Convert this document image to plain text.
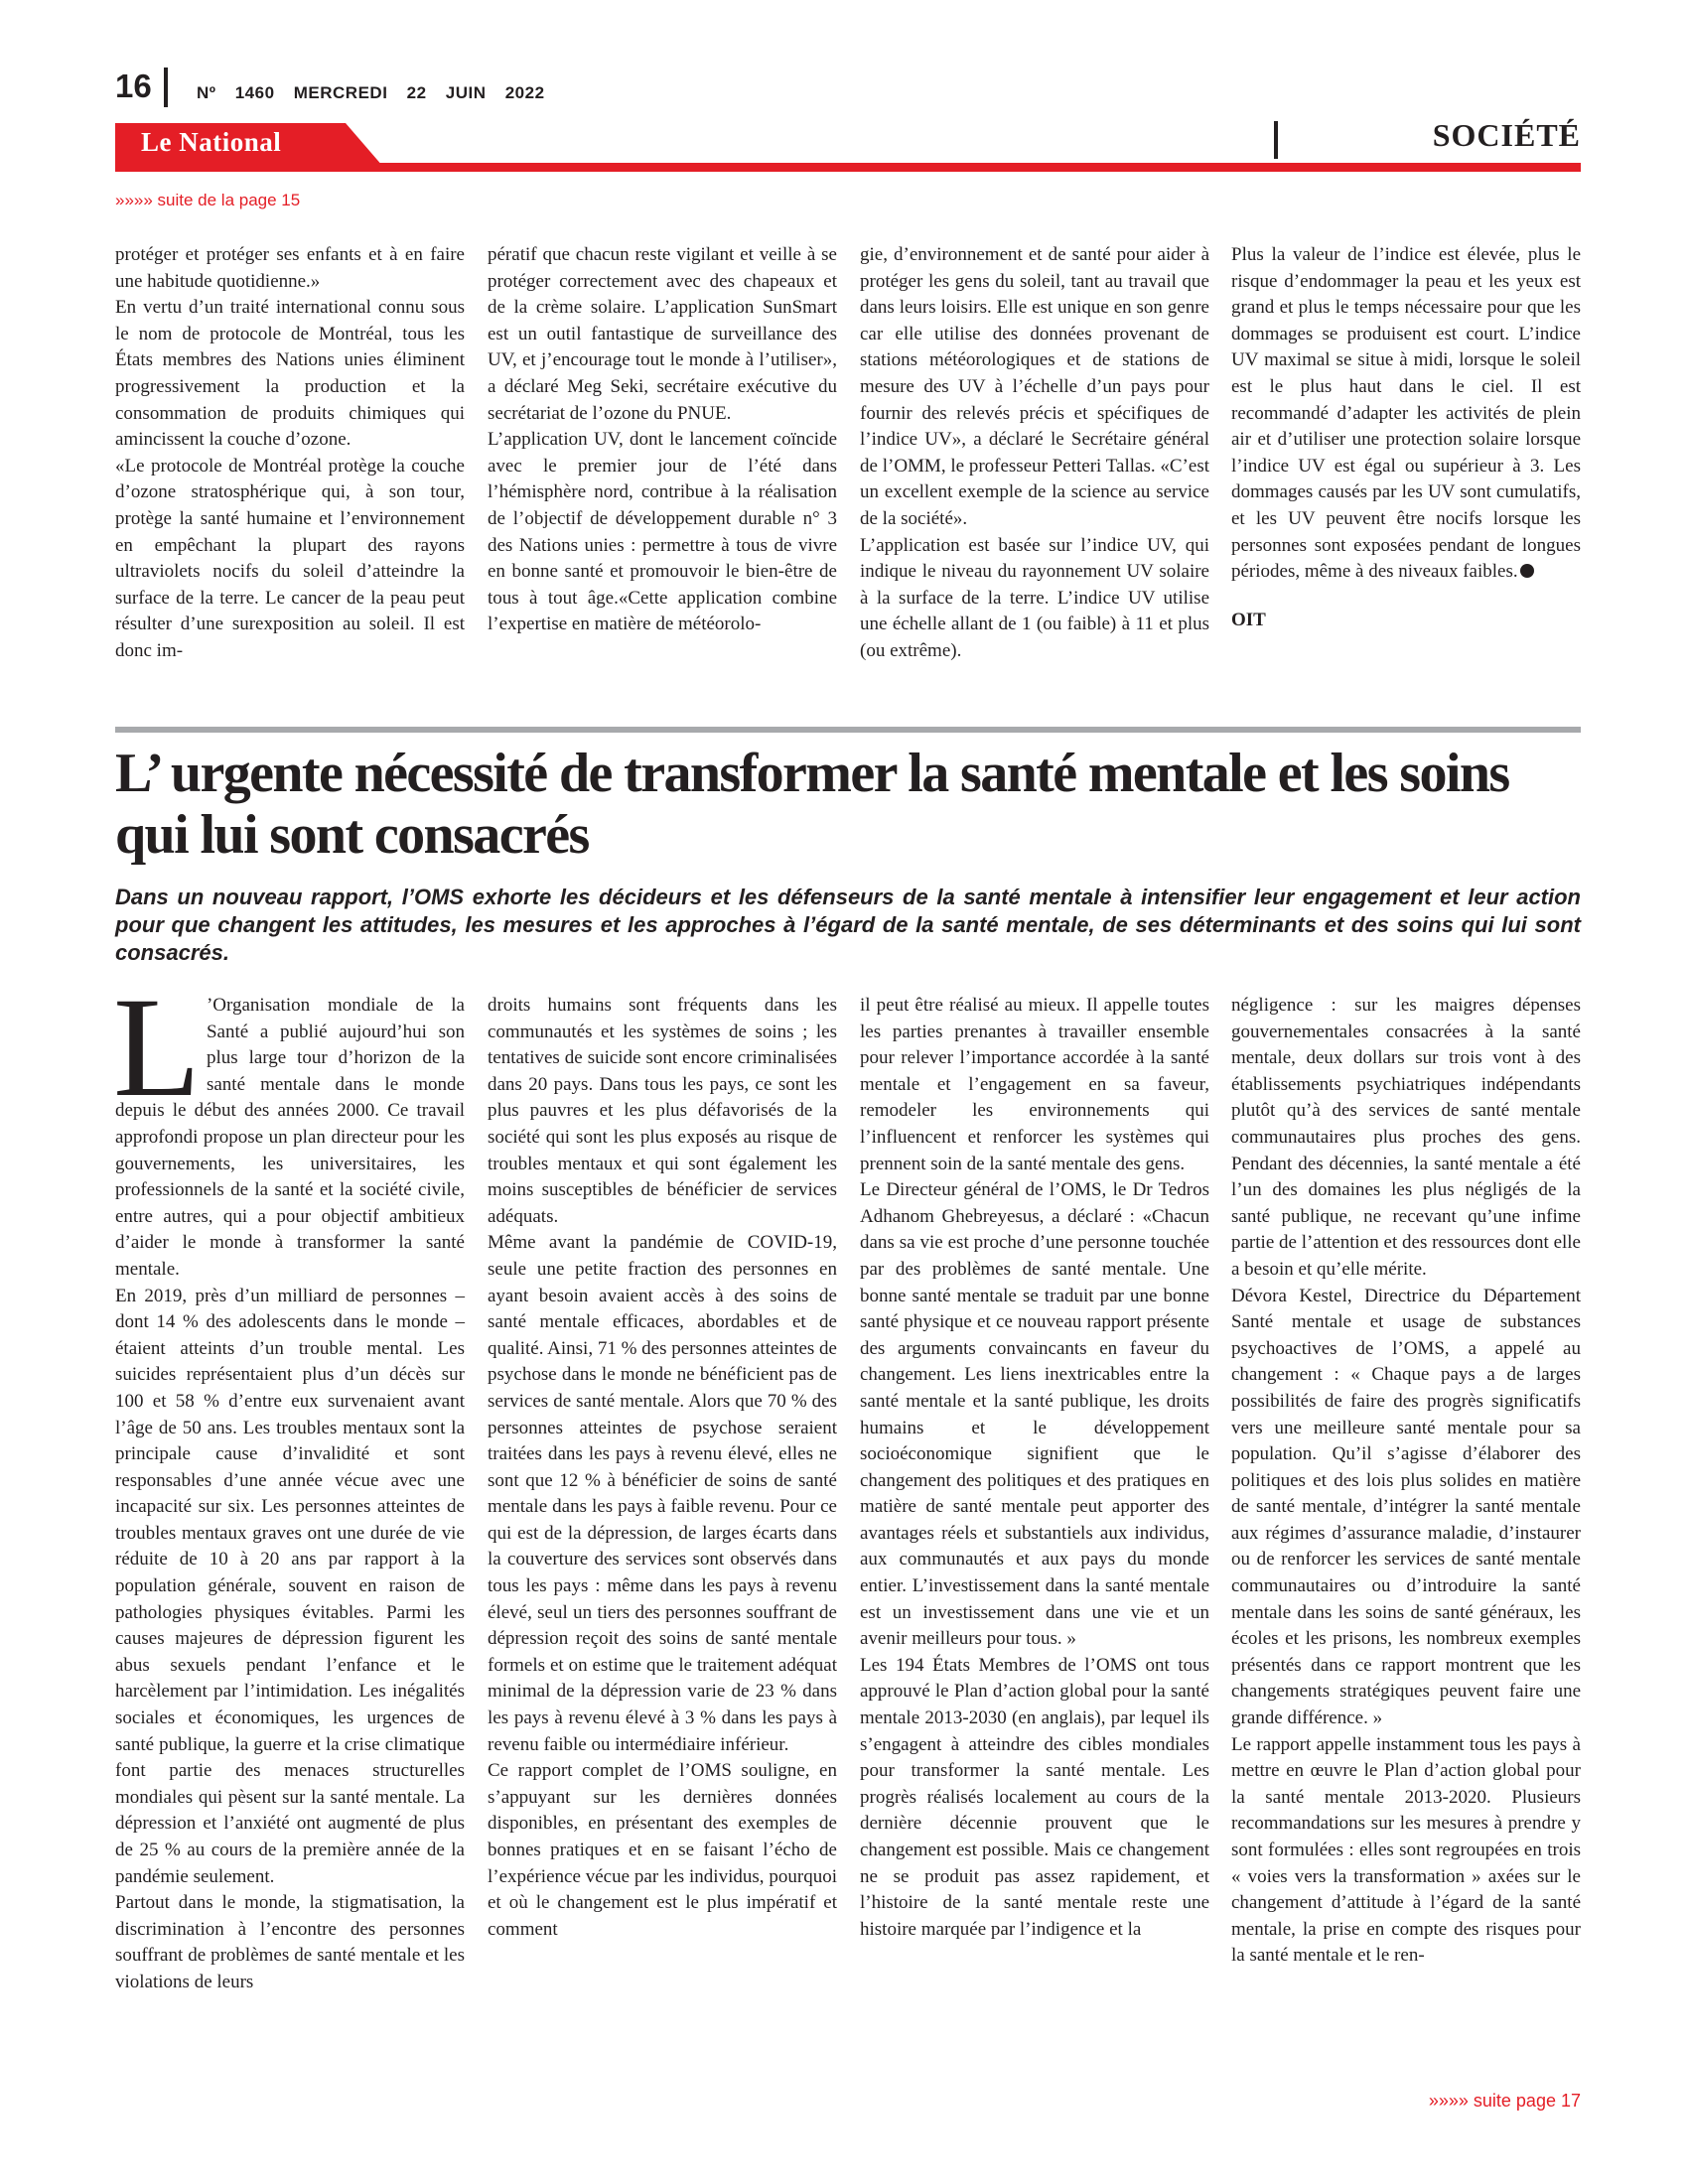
16	Nº 1460 MERCREDI 22 JUIN 2022
Le National	SOCIÉTÉ
»»»» suite de la page 15

protéger et protéger ses enfants et à en faire une habitude quotidienne.»

En vertu d’un traité international connu sous le nom de protocole de Montréal, tous les États membres des Nations unies éliminent progressivement la production et la consommation de produits chimiques qui amincissent la couche d’ozone.

«Le protocole de Montréal protège la couche d’ozone stratosphérique qui, à son tour, protège la santé humaine et l’environnement en empêchant la plupart des rayons ultraviolets nocifs du soleil d’atteindre la surface de la terre. Le cancer de la peau peut résulter d’une surexposition au soleil. Il est donc im-

pératif que chacun reste vigilant et veille à se protéger correctement avec des chapeaux et de la crème solaire. L’application SunSmart est un outil fantastique de surveillance des UV, et j’encourage tout le monde à l’utiliser», a déclaré Meg Seki, secrétaire exécutive du secrétariat de l’ozone du PNUE.

L’application UV, dont le lancement coïncide avec le premier jour de l’été dans l’hémisphère nord, contribue à la réalisation de l’objectif de développement durable n° 3 des Nations unies : permettre à tous de vivre en bonne santé et promouvoir le bien-être de tous à tout âge.«Cette application combine l’expertise en matière de météorolo-

gie, d’environnement et de santé pour aider à protéger les gens du soleil, tant au travail que dans leurs loisirs. Elle est unique en son genre car elle utilise des données provenant de stations météorologiques et de stations de mesure des UV à l’échelle d’un pays pour fournir des relevés précis et spécifiques de l’indice UV», a déclaré le Secrétaire général de l’OMM, le professeur Petteri Tallas. «C’est un excellent exemple de la science au service de la société».

L’application est basée sur l’indice UV, qui indique le niveau du rayonnement UV solaire à la surface de la terre. L’indice UV utilise une échelle allant de 1 (ou faible) à 11 et plus (ou extrême).

Plus la valeur de l’indice est élevée, plus le risque d’endommager la peau et les yeux est grand et plus le temps nécessaire pour que les dommages se produisent est court. L’indice UV maximal se situe à midi, lorsque le soleil est le plus haut dans le ciel. Il est recommandé d’adapter les activités de plein air et d’utiliser une protection solaire lorsque l’indice UV est égal ou supérieur à 3. Les dommages causés par les UV sont cumulatifs, et les UV peuvent être nocifs lorsque les personnes sont exposées pendant de longues périodes, même à des niveaux faibles.

OIT

L’ urgente nécessité de transformer la santé mentale et les soins qui lui sont consacrés
Dans un nouveau rapport, l’OMS exhorte les décideurs et les défenseurs de la santé mentale à intensifier leur engagement et leur action pour que changent les attitudes, les mesures et les approches à l’égard de la santé mentale, de ses déterminants et des soins qui lui sont consacrés.

L ’Organisation mondiale de la Santé a publié aujourd’hui son plus large tour d’horizon de la santé mentale dans le monde depuis le début des années 2000. Ce travail approfondi propose un plan directeur pour les gouvernements, les universitaires, les professionnels de la santé et la société civile, entre autres, qui a pour objectif ambitieux d’aider le monde à transformer la santé mentale.

En 2019, près d’un milliard de personnes – dont 14 % des adolescents dans le monde – étaient atteints d’un trouble mental. Les suicides représentaient plus d’un décès sur 100 et 58 % d’entre eux survenaient avant l’âge de 50 ans. Les troubles mentaux sont la principale cause d’invalidité et sont responsables d’une année vécue avec une incapacité sur six. Les personnes atteintes de troubles mentaux graves ont une durée de vie réduite de 10 à 20 ans par rapport à la population générale, souvent en raison de pathologies physiques évitables. Parmi les causes majeures de dépression figurent les abus sexuels pendant l’enfance et le harcèlement par l’intimidation. Les inégalités sociales et économiques, les urgences de santé publique, la guerre et la crise climatique font partie des menaces structurelles mondiales qui pèsent sur la santé mentale. La dépression et l’anxiété ont augmenté de plus de 25 % au cours de la première année de la pandémie seulement.

Partout dans le monde, la stigmatisation, la discrimination à l’encontre des personnes souffrant de problèmes de santé mentale et les violations de leurs

droits humains sont fréquents dans les communautés et les systèmes de soins ; les tentatives de suicide sont encore criminalisées dans 20 pays. Dans tous les pays, ce sont les plus pauvres et les plus défavorisés de la société qui sont les plus exposés au risque de troubles mentaux et qui sont également les moins susceptibles de bénéficier de services adéquats.

Même avant la pandémie de COVID-19, seule une petite fraction des personnes en ayant besoin avaient accès à des soins de santé mentale efficaces, abordables et de qualité. Ainsi, 71 % des personnes atteintes de psychose dans le monde ne bénéficient pas de services de santé mentale. Alors que 70 % des personnes atteintes de psychose seraient traitées dans les pays à revenu élevé, elles ne sont que 12 % à bénéficier de soins de santé mentale dans les pays à faible revenu. Pour ce qui est de la dépression, de larges écarts dans la couverture des services sont observés dans tous les pays : même dans les pays à revenu élevé, seul un tiers des personnes souffrant de dépression reçoit des soins de santé mentale formels et on estime que le traitement adéquat minimal de la dépression varie de 23 % dans les pays à revenu élevé à 3 % dans les pays à revenu faible ou intermédiaire inférieur.

Ce rapport complet de l’OMS souligne, en s’appuyant sur les dernières données disponibles, en présentant des exemples de bonnes pratiques et en se faisant l’écho de l’expérience vécue par les individus, pourquoi et où le changement est le plus impératif et comment

il peut être réalisé au mieux. Il appelle toutes les parties prenantes à travailler ensemble pour relever l’importance accordée à la santé mentale et l’engagement en sa faveur, remodeler les environnements qui l’influencent et renforcer les systèmes qui prennent soin de la santé mentale des gens.

Le Directeur général de l’OMS, le Dr Tedros Adhanom Ghebreyesus, a déclaré : «Chacun dans sa vie est proche d’une personne touchée par des problèmes de santé mentale. Une bonne santé mentale se traduit par une bonne santé physique et ce nouveau rapport présente des arguments convaincants en faveur du changement. Les liens inextricables entre la santé mentale et la santé publique, les droits humains et le développement socioéconomique signifient que le changement des politiques et des pratiques en matière de santé mentale peut apporter des avantages réels et substantiels aux individus, aux communautés et aux pays du monde entier. L’investissement dans la santé mentale est un investissement dans une vie et un avenir meilleurs pour tous. »

Les 194 États Membres de l’OMS ont tous approuvé le Plan d’action global pour la santé mentale 2013-2030 (en anglais), par lequel ils s’engagent à atteindre des cibles mondiales pour transformer la santé mentale. Les progrès réalisés localement au cours de la dernière décennie prouvent que le changement est possible. Mais ce changement ne se produit pas assez rapidement, et l’histoire de la santé mentale reste une histoire marquée par l’indigence et la

négligence : sur les maigres dépenses gouvernementales consacrées à la santé mentale, deux dollars sur trois vont à des établissements psychiatriques indépendants plutôt qu’à des services de santé mentale communautaires plus proches des gens. Pendant des décennies, la santé mentale a été l’un des domaines les plus négligés de la santé publique, ne recevant qu’une infime partie de l’attention et des ressources dont elle a besoin et qu’elle mérite.

Dévora Kestel, Directrice du Département Santé mentale et usage de substances psychoactives de l’OMS, a appelé au changement : « Chaque pays a de larges possibilités de faire des progrès significatifs vers une meilleure santé mentale pour sa population. Qu’il s’agisse d’élaborer des politiques et des lois plus solides en matière de santé mentale, d’intégrer la santé mentale aux régimes d’assurance maladie, d’instaurer ou de renforcer les services de santé mentale communautaires ou d’introduire la santé mentale dans les soins de santé généraux, les écoles et les prisons, les nombreux exemples présentés dans ce rapport montrent que les changements stratégiques peuvent faire une grande différence. »

Le rapport appelle instamment tous les pays à mettre en œuvre le Plan d’action global pour la santé mentale 2013-2020. Plusieurs recommandations sur les mesures à prendre y sont formulées : elles sont regroupées en trois « voies vers la transformation » axées sur le changement d’attitude à l’égard de la santé mentale, la prise en compte des risques pour la santé mentale et le ren-

»»»» suite page 17
